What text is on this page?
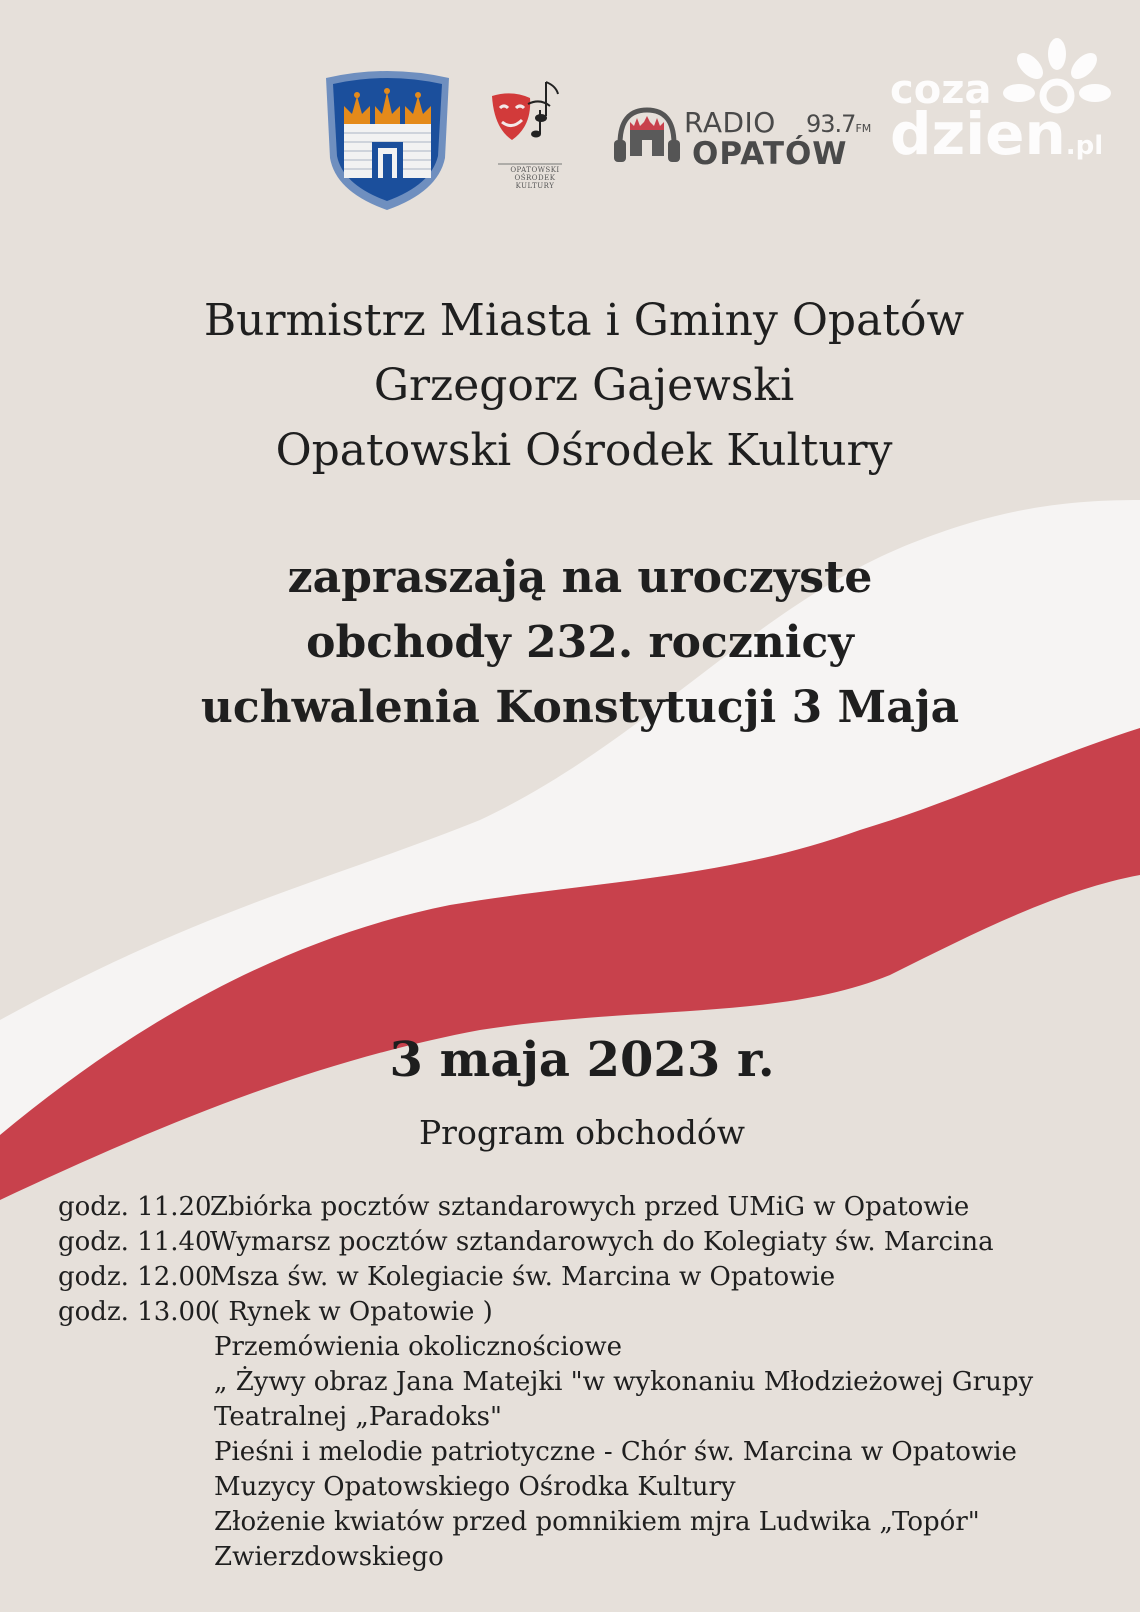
OPATOWSKI
OŚRODEK
KULTURY
RADIO 93.7FM
OPATÓW
coza
dzien.pl
Burmistrz Miasta i Gminy Opatów
Grzegorz Gajewski
Opatowski Ośrodek Kultury
zapraszają na uroczyste
obchody 232. rocznicy
uchwalenia Konstytucji 3 Maja
3 maja 2023 r.
Program obchodów
godz. 11.20
Zbiórka pocztów sztandarowych przed UMiG w Opatowie
godz. 11.40
Wymarsz pocztów sztandarowych do Kolegiaty św. Marcina
godz. 12.00
Msza św. w Kolegiacie św. Marcina w Opatowie
godz. 13.00
( Rynek w Opatowie )
Przemówienia okolicznościowe
„ Żywy obraz Jana Matejki "w wykonaniu Młodzieżowej Grupy
Teatralnej „Paradoks"
Pieśni i melodie patriotyczne - Chór św. Marcina w Opatowie
Muzycy Opatowskiego Ośrodka Kultury
Złożenie kwiatów przed pomnikiem mjra Ludwika „Topór"
Zwierzdowskiego
